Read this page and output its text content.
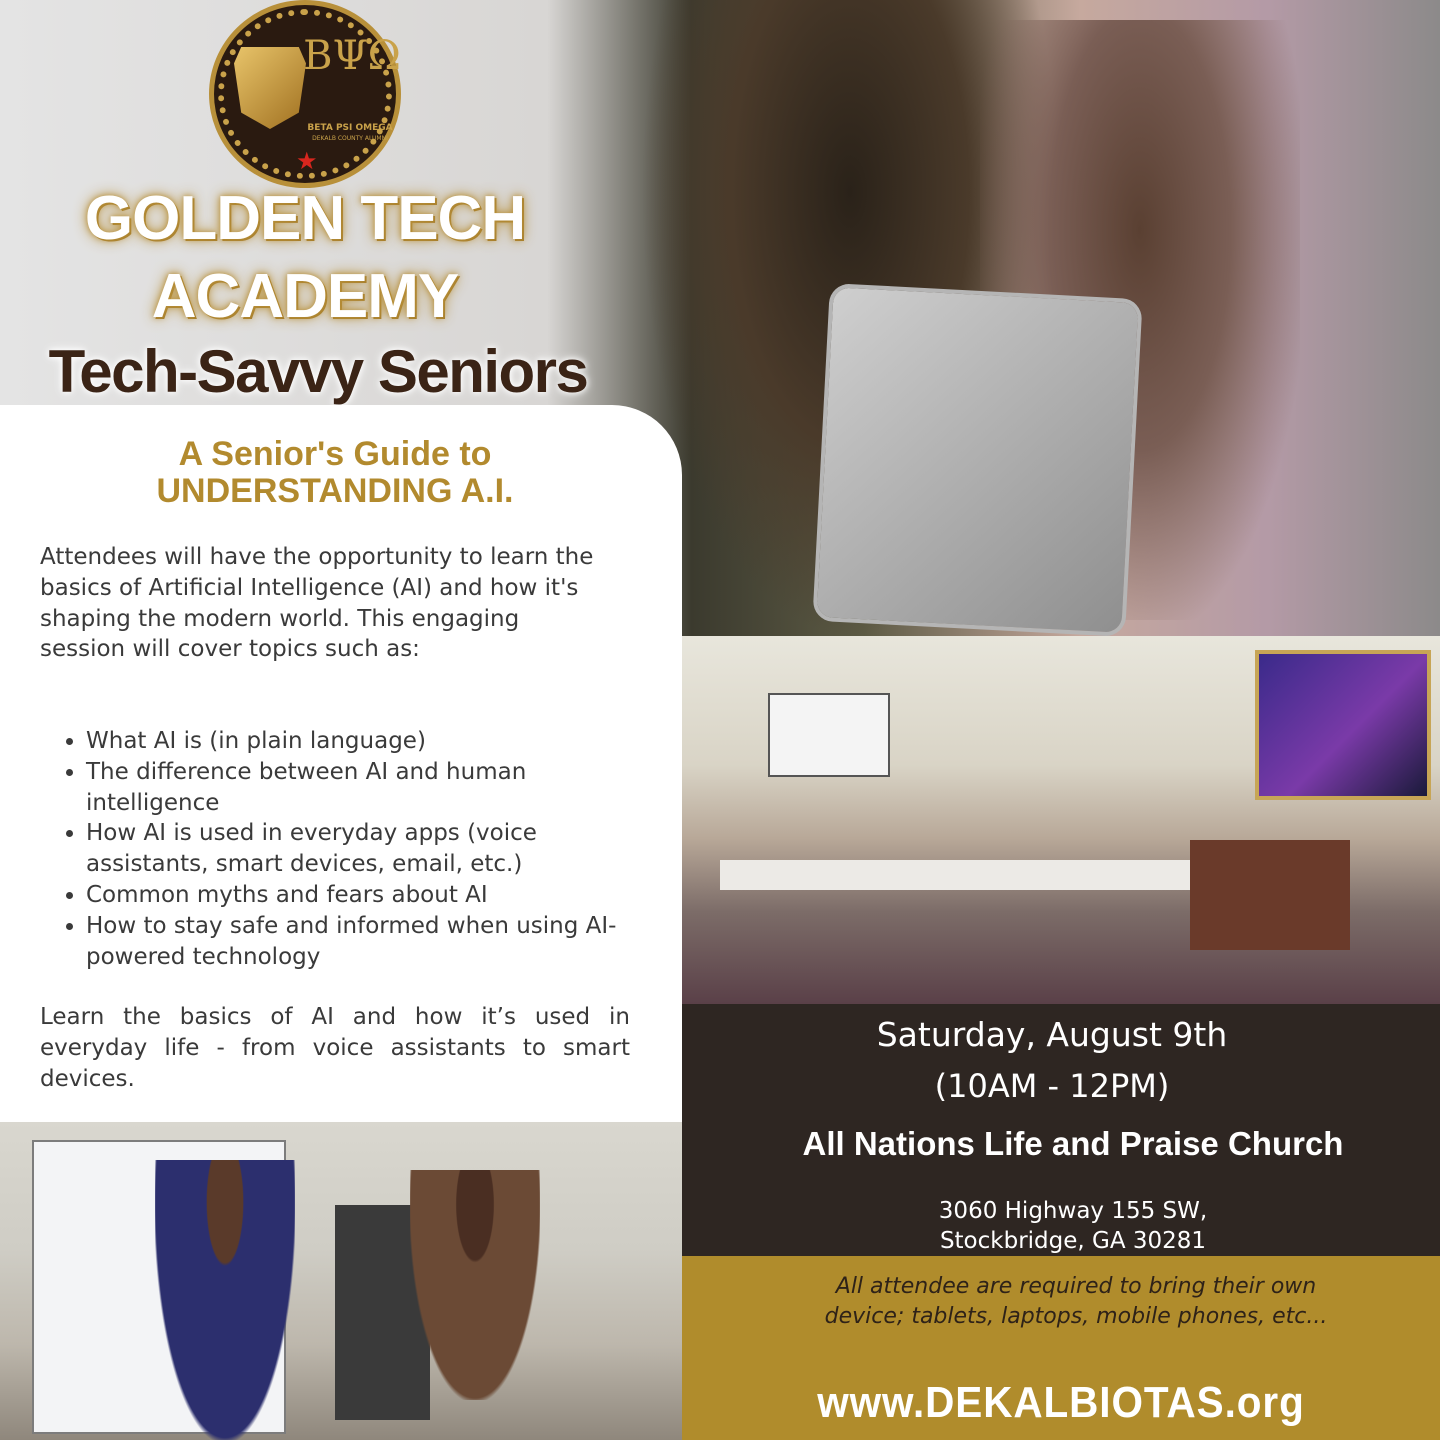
ΒΨΩ
BETA PSI OMEGA
DEKALB COUNTY ALUMNI
★
GOLDEN TECH
ACADEMY
Tech-Savvy Seniors
A Senior's Guide to
UNDERSTANDING A.I.
Attendees will have the opportunity to learn the basics of Artificial Intelligence (AI) and how it's shaping the modern world. This engaging session will cover topics such as:
• What AI is (in plain language)
• The difference between AI and human intelligence
• How AI is used in everyday apps (voice assistants, smart devices, email, etc.)
• Common myths and fears about AI
• How to stay safe and informed when using AI-powered technology
Learn the basics of AI and how it’s used in everyday life - from voice assistants to smart devices.
Saturday, August 9th
(10AM - 12PM)
All Nations Life and Praise Church
3060 Highway 155 SW,
Stockbridge, GA 30281
All attendee are required to bring their own device; tablets, laptops, mobile phones, etc...
www.DEKALBIOTAS.org
